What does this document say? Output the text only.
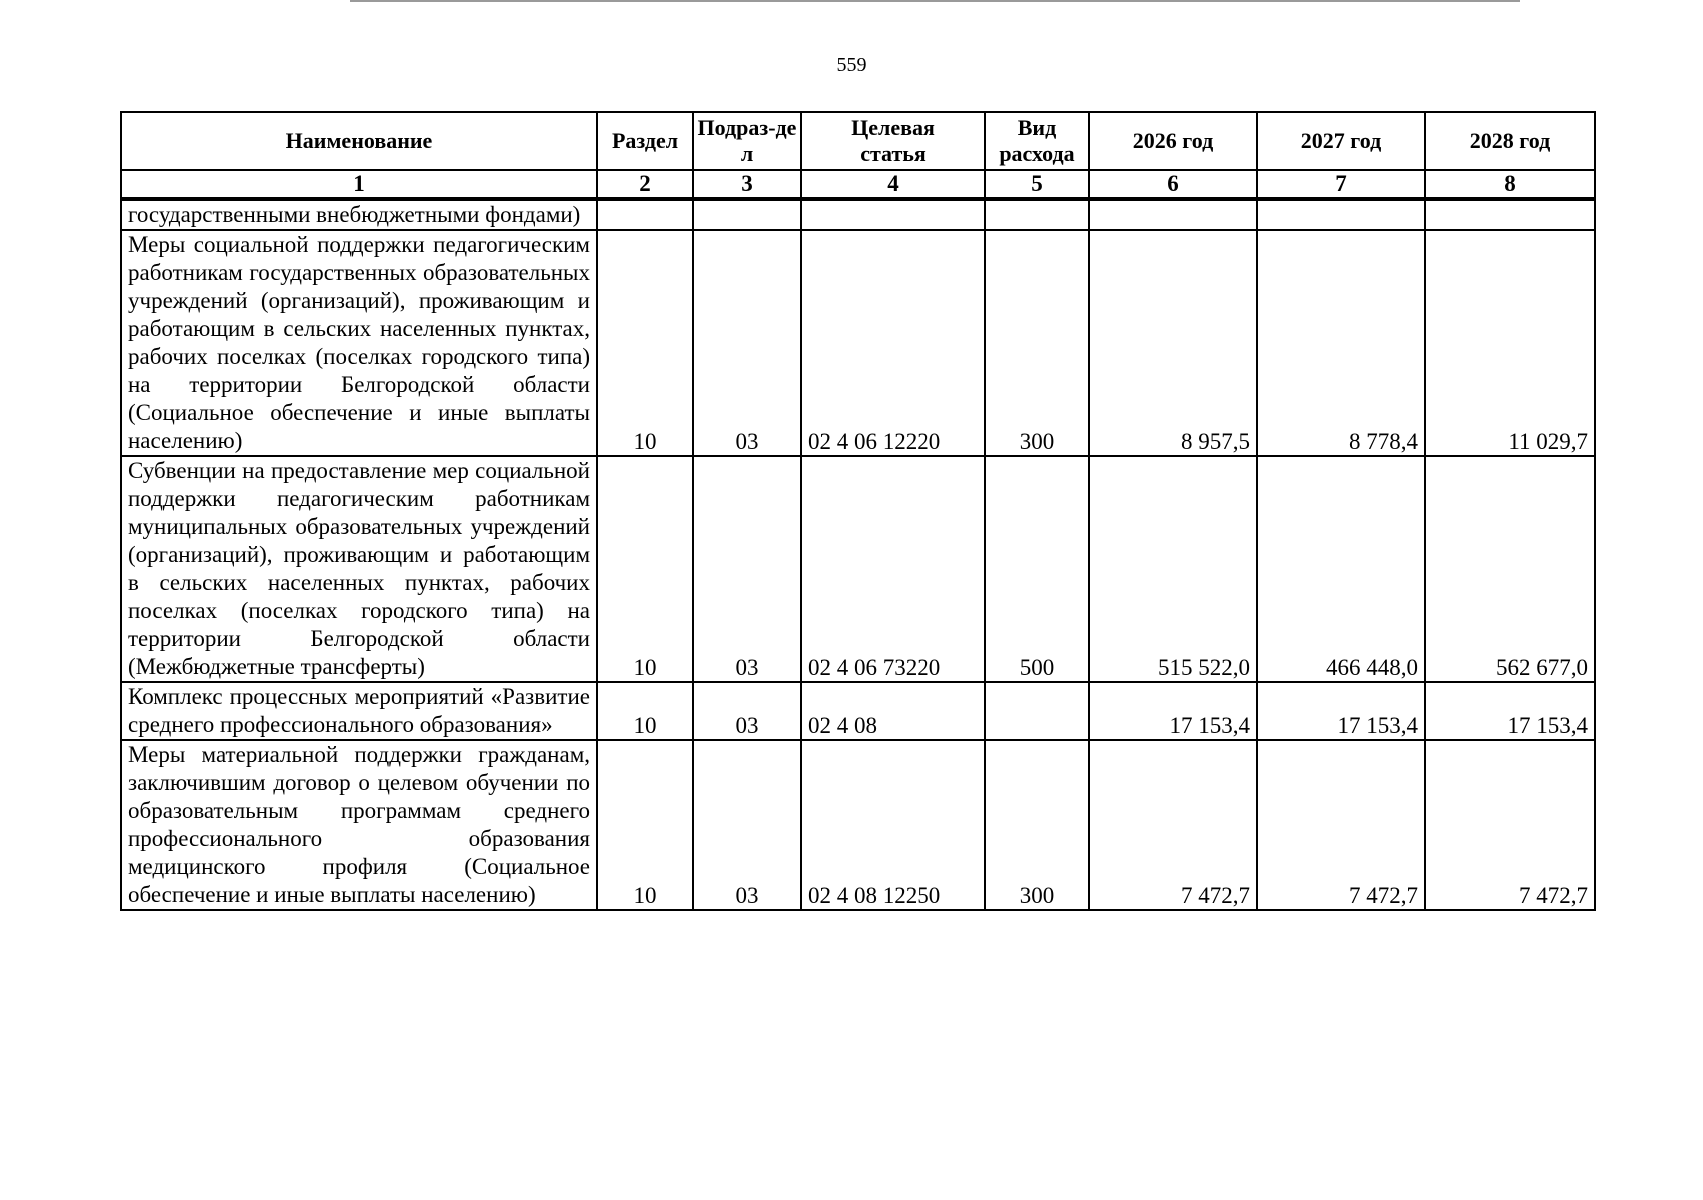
559
Наименование	Раздел	Подраз-дел	Целевая статья	Вид расхода	2026 год	2027 год	2028 год
1	2	3	4	5	6	7	8
государственными внебюджетными фондами)							
Меры социальной поддержки педагогическим работникам государственных образовательных учреждений (организаций), проживающим и работающим в сельских населенных пунктах, рабочих поселках (поселках городского типа) на территории Белгородской области (Социальное обеспечение и иные выплаты населению)	10	03	02 4 06 12220	300	8 957,5	8 778,4	11 029,7
Субвенции на предоставление мер социальной поддержки педагогическим работникам муниципальных образовательных учреждений (организаций), проживающим и работающим в сельских населенных пунктах, рабочих поселках (поселках городского типа) на территории Белгородской области (Межбюджетные трансферты)	10	03	02 4 06 73220	500	515 522,0	466 448,0	562 677,0
Комплекс процессных мероприятий «Развитие среднего профессионального образования»	10	03	02 4 08		17 153,4	17 153,4	17 153,4
Меры материальной поддержки гражданам, заключившим договор о целевом обучении по образовательным программам среднего профессионального образования медицинского профиля (Социальное обеспечение и иные выплаты населению)	10	03	02 4 08 12250	300	7 472,7	7 472,7	7 472,7
